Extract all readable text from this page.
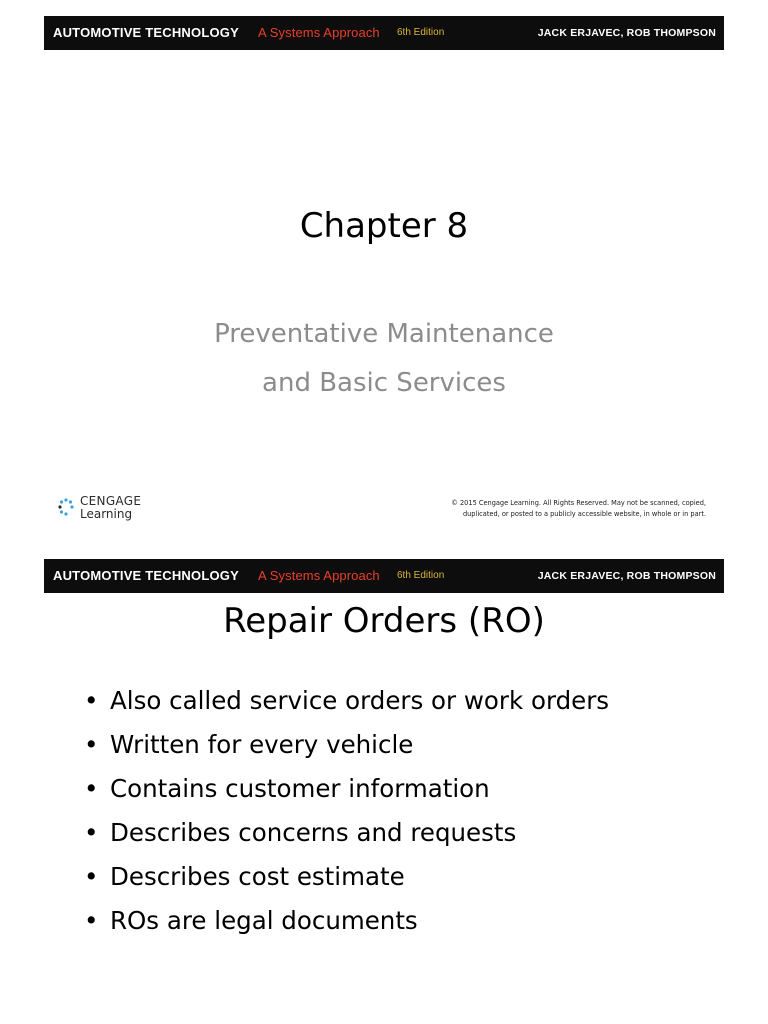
AUTOMOTIVE TECHNOLOGY A Systems Approach 6th Edition	JACK ERJAVEC, ROB THOMPSON
Chapter 8
Preventative Maintenance
and Basic Services
CENGAGE
Learning
© 2015 Cengage Learning. All Rights Reserved. May not be scanned, copied,
duplicated, or posted to a publicly accessible website, in whole or in part.
AUTOMOTIVE TECHNOLOGY A Systems Approach 6th Edition	JACK ERJAVEC, ROB THOMPSON
Repair Orders (RO)
• Also called service orders or work orders
• Written for every vehicle
• Contains customer information
• Describes concerns and requests
• Describes cost estimate
• ROs are legal documents
